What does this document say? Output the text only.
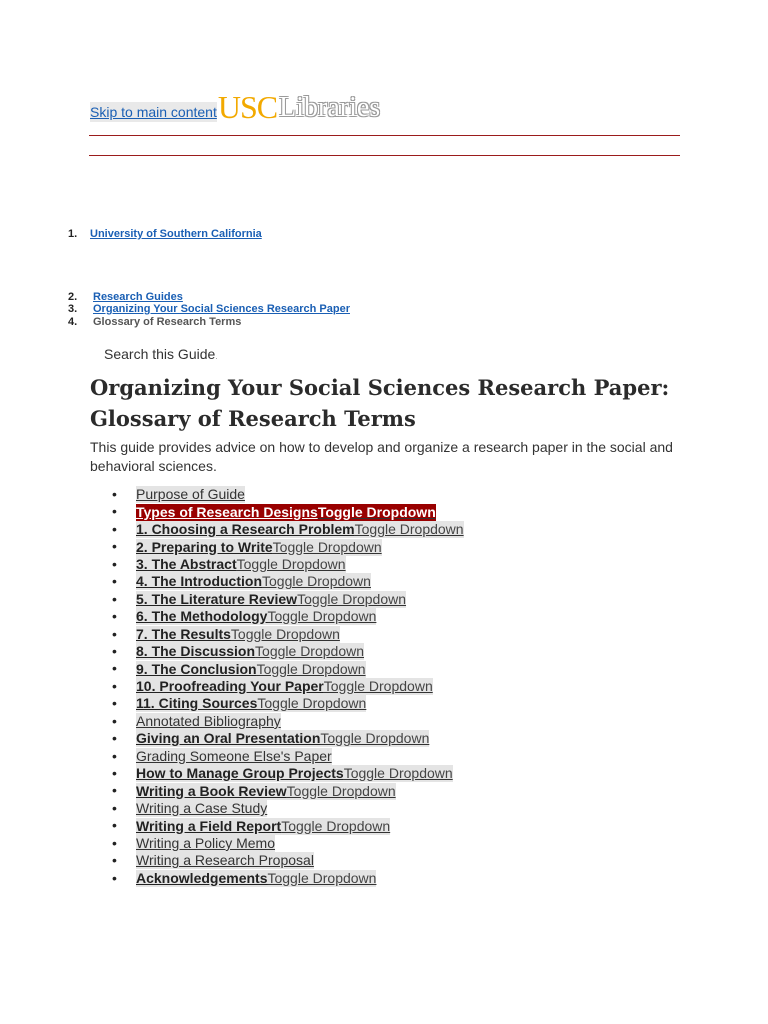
Skip to main content USC Libraries
1.	University of Southern California
2.	Research Guides
3.	Organizing Your Social Sciences Research Paper
4.	Glossary of Research Terms
Search this Guide.
Organizing Your Social Sciences Research Paper: Glossary of Research Terms
This guide provides advice on how to develop and organize a research paper in the social and behavioral sciences.
• Purpose of Guide
• Types of Research Designs Toggle Dropdown
• 1. Choosing a Research Problem Toggle Dropdown
• 2. Preparing to Write Toggle Dropdown
• 3. The Abstract Toggle Dropdown
• 4. The Introduction Toggle Dropdown
• 5. The Literature Review Toggle Dropdown
• 6. The Methodology Toggle Dropdown
• 7. The Results Toggle Dropdown
• 8. The Discussion Toggle Dropdown
• 9. The Conclusion Toggle Dropdown
• 10. Proofreading Your Paper Toggle Dropdown
• 11. Citing Sources Toggle Dropdown
• Annotated Bibliography
• Giving an Oral Presentation Toggle Dropdown
• Grading Someone Else's Paper
• How to Manage Group Projects Toggle Dropdown
• Writing a Book Review Toggle Dropdown
• Writing a Case Study
• Writing a Field Report Toggle Dropdown
• Writing a Policy Memo
• Writing a Research Proposal
• Acknowledgements Toggle Dropdown
